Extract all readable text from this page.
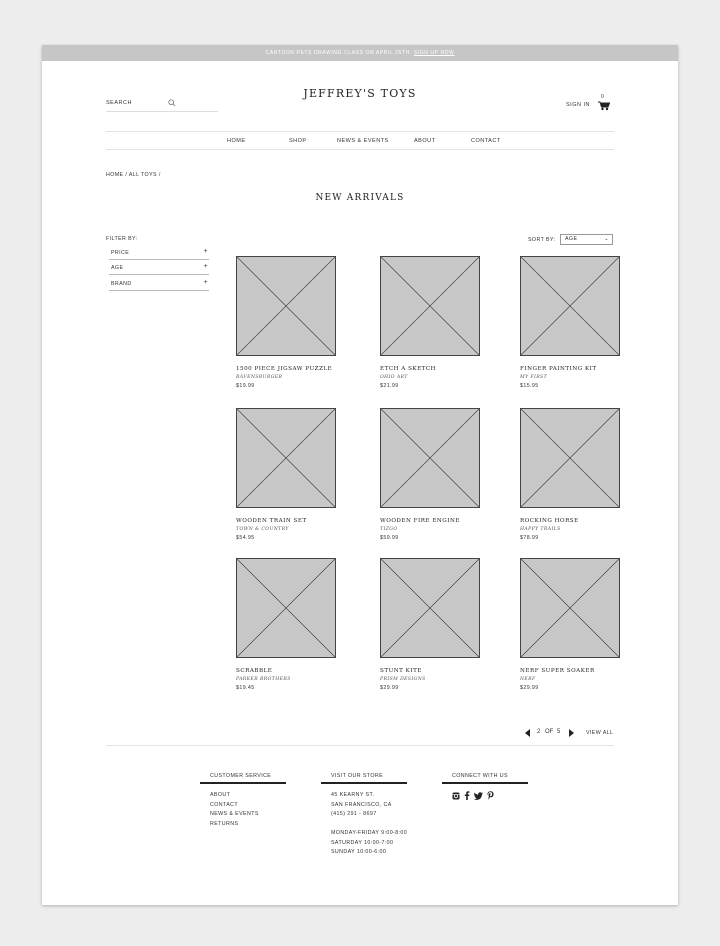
CARTOON PETS DRAWING CLASS ON APRIL 25TH. SIGN UP NOW
SEARCH
JEFFREY'S TOYS
SIGN IN
0
HOME	SHOP	NEWS & EVENTS	ABOUT	CONTACT
HOME / ALL TOYS /
NEW ARRIVALS
FILTER BY:
PRICE	+
AGE	+
BRAND	+
SORT BY:	AGE	⌄
1500 PIECE JIGSAW PUZZLE
RAVENSBURGER
$19.99
ETCH A SKETCH
OHIO ART
$21.99
FINGER PAINTING KIT
MY FIRST
$15.95
WOODEN TRAIN SET
TOWN & COUNTRY
$54.95
WOODEN FIRE ENGINE
TIZGO
$59.99
ROCKING HORSE
HAPPY TRAILS
$78.99
SCRABBLE
PARKER BROTHERS
$19.45
STUNT KITE
PRISM DESIGNS
$29.99
NERF SUPER SOAKER
NERF
$29.99
2 OF 5	VIEW ALL
CUSTOMER SERVICE
ABOUT
CONTACT
NEWS & EVENTS
RETURNS
VISIT OUR STORE
45 KEARNY ST.
SAN FRANCISCO, CA
(415) 291 - 8697
MONDAY-FRIDAY 9:00-8:00
SATURDAY 10:00-7:00
SUNDAY 10:00-6:00
CONNECT WITH US
